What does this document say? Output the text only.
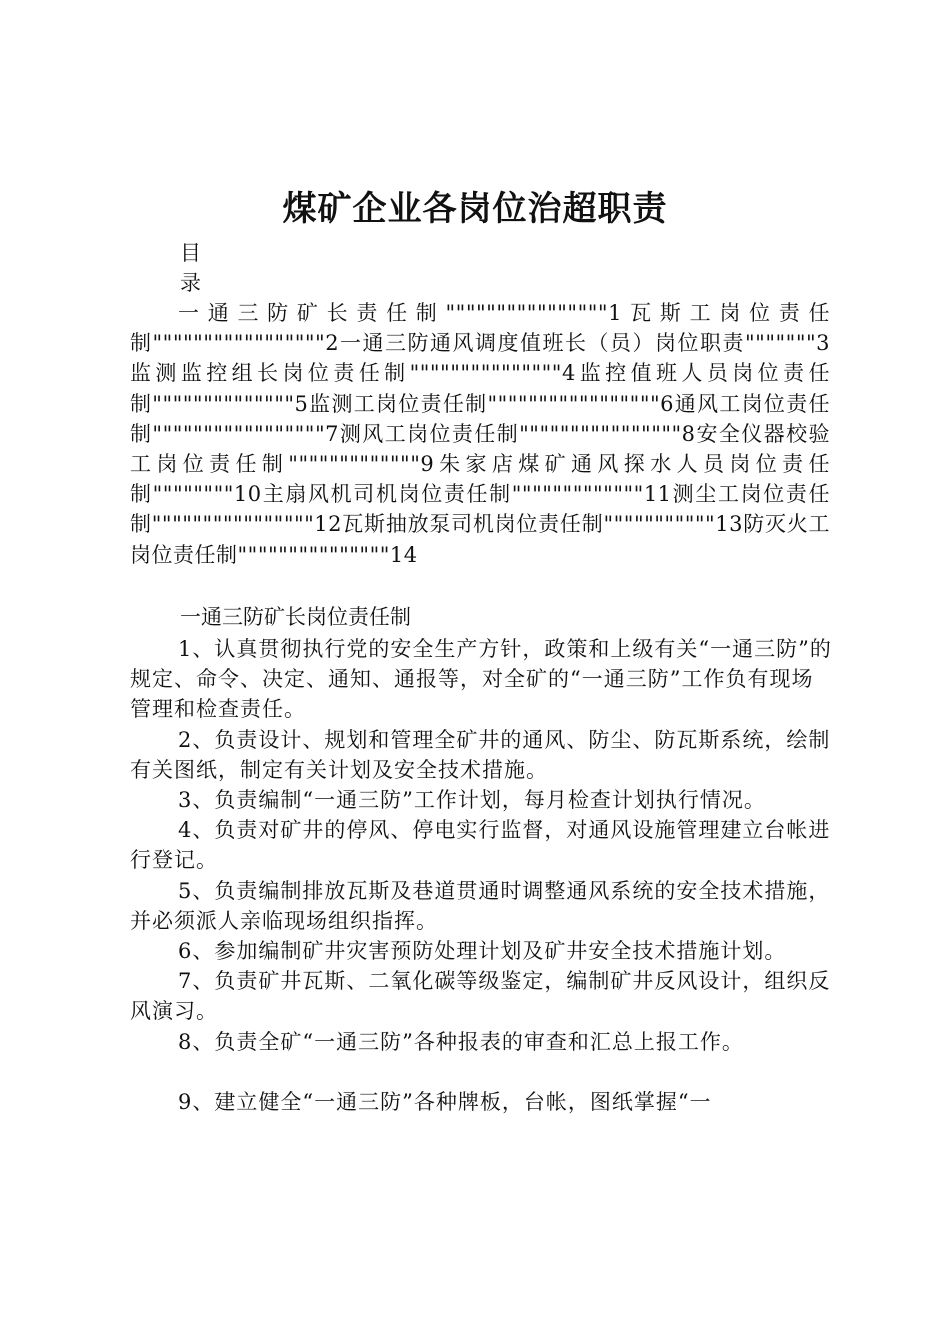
煤矿企业各岗位治超职责
目
录
一通三防矿长责任制""""""""""""""""1瓦斯工岗位责任制"""""""""""""""""2一通三防通风调度值班长（员）岗位职责"""""""3监测监控组长岗位责任制"""""""""""""""4监控值班人员岗位责任制""""""""""""""5监测工岗位责任制"""""""""""""""""6通风工岗位责任制"""""""""""""""""7测风工岗位责任制""""""""""""""""8安全仪器校验工岗位责任制"""""""""""""9朱家店煤矿通风探水人员岗位责任制""""""""10主扇风机司机岗位责任制"""""""""""""11测尘工岗位责任制""""""""""""""""12瓦斯抽放泵司机岗位责任制"""""""""""13防灭火工岗位责任制"""""""""""""""14
一通三防矿长岗位责任制

1、认真贯彻执行党的安全生产方针，政策和上级有关“一通三防”的规定、命令、决定、通知、通报等，对全矿的“一通三防”工作负有现场管理和检查责任。

2、负责设计、规划和管理全矿井的通风、防尘、防瓦斯系统，绘制有关图纸，制定有关计划及安全技术措施。

3、负责编制“一通三防”工作计划，每月检查计划执行情况。

4、负责对矿井的停风、停电实行监督，对通风设施管理建立台帐进行登记。

5、负责编制排放瓦斯及巷道贯通时调整通风系统的安全技术措施，并必须派人亲临现场组织指挥。

6、参加编制矿井灾害预防处理计划及矿井安全技术措施计划。

7、负责矿井瓦斯、二氧化碳等级鉴定，编制矿井反风设计，组织反风演习。

8、负责全矿“一通三防”各种报表的审查和汇总上报工作。

9、建立健全“一通三防”各种牌板，台帐，图纸掌握“一
